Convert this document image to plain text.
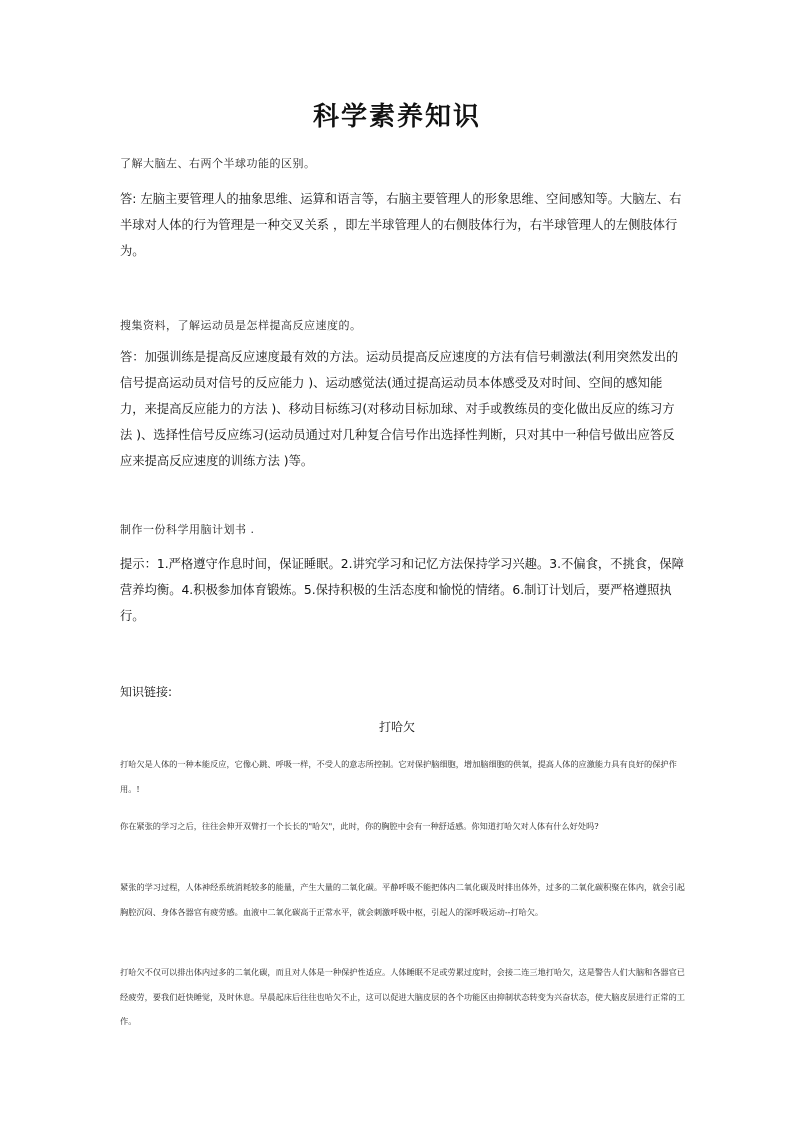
科学素养知识

了解大脑左、右两个半球功能的区别。

答: 左脑主要管理人的抽象思维、运算和语言等，右脑主要管理人的形象思维、空间感知等。大脑左、右半球对人体的行为管理是一种交叉关系 ，即左半球管理人的右侧肢体行为，右半球管理人的左侧肢体行为。

搜集资料，了解运动员是怎样提高反应速度的。

答：加强训练是提高反应速度最有效的方法。运动员提高反应速度的方法有信号刺激法(利用突然发出的信号提高运动员对信号的反应能力 )、运动感觉法(通过提高运动员本体感受及对时间、空间的感知能力，来提高反应能力的方法 )、移动目标练习(对移动目标加球、对手或教练员的变化做出反应的练习方法 )、选择性信号反应练习(运动员通过对几种复合信号作出选择性判断，只对其中一种信号做出应答反应来提高反应速度的训练方法 )等。

制作一份科学用脑计划书 .

提示：1.严格遵守作息时间，保证睡眠。2.讲究学习和记忆方法保持学习兴趣。3.不偏食，不挑食，保障营养均衡。4.积极参加体育锻炼。5.保持积极的生活态度和愉悦的情绪。6.制订计划后，要严格遵照执行。

知识链接:

打哈欠

打哈欠是人体的一种本能反应，它像心跳、呼吸一样，不受人的意志所控制。它对保护脑细胞，增加脑细胞的供氧，提高人体的应激能力具有良好的保护作用。!

你在紧张的学习之后，往往会伸开双臂打一个长长的"哈欠"，此时，你的胸腔中会有一种舒适感。你知道打哈欠对人体有什么好处吗?

紧张的学习过程，人体神经系统消耗较多的能量，产生大量的二氧化碳。平静呼吸不能把体内二氧化碳及时排出体外，过多的二氧化碳积聚在体内，就会引起胸腔沉闷、身体各器官有疲劳感。血液中二氧化碳高于正常水平，就会刺激呼吸中枢，引起人的深呼吸运动--打哈欠。

打哈欠不仅可以排出体内过多的二氧化碳，而且对人体是一种保护性适应。人体睡眠不足或劳累过度时，会接二连三地打哈欠，这是警告人们大脑和各器官已经疲劳，要我们赶快睡觉，及时休息。早晨起床后往往也哈欠不止，这可以促进大脑皮层的各个功能区由抑制状态转变为兴奋状态，使大脑皮层进行正常的工作。
